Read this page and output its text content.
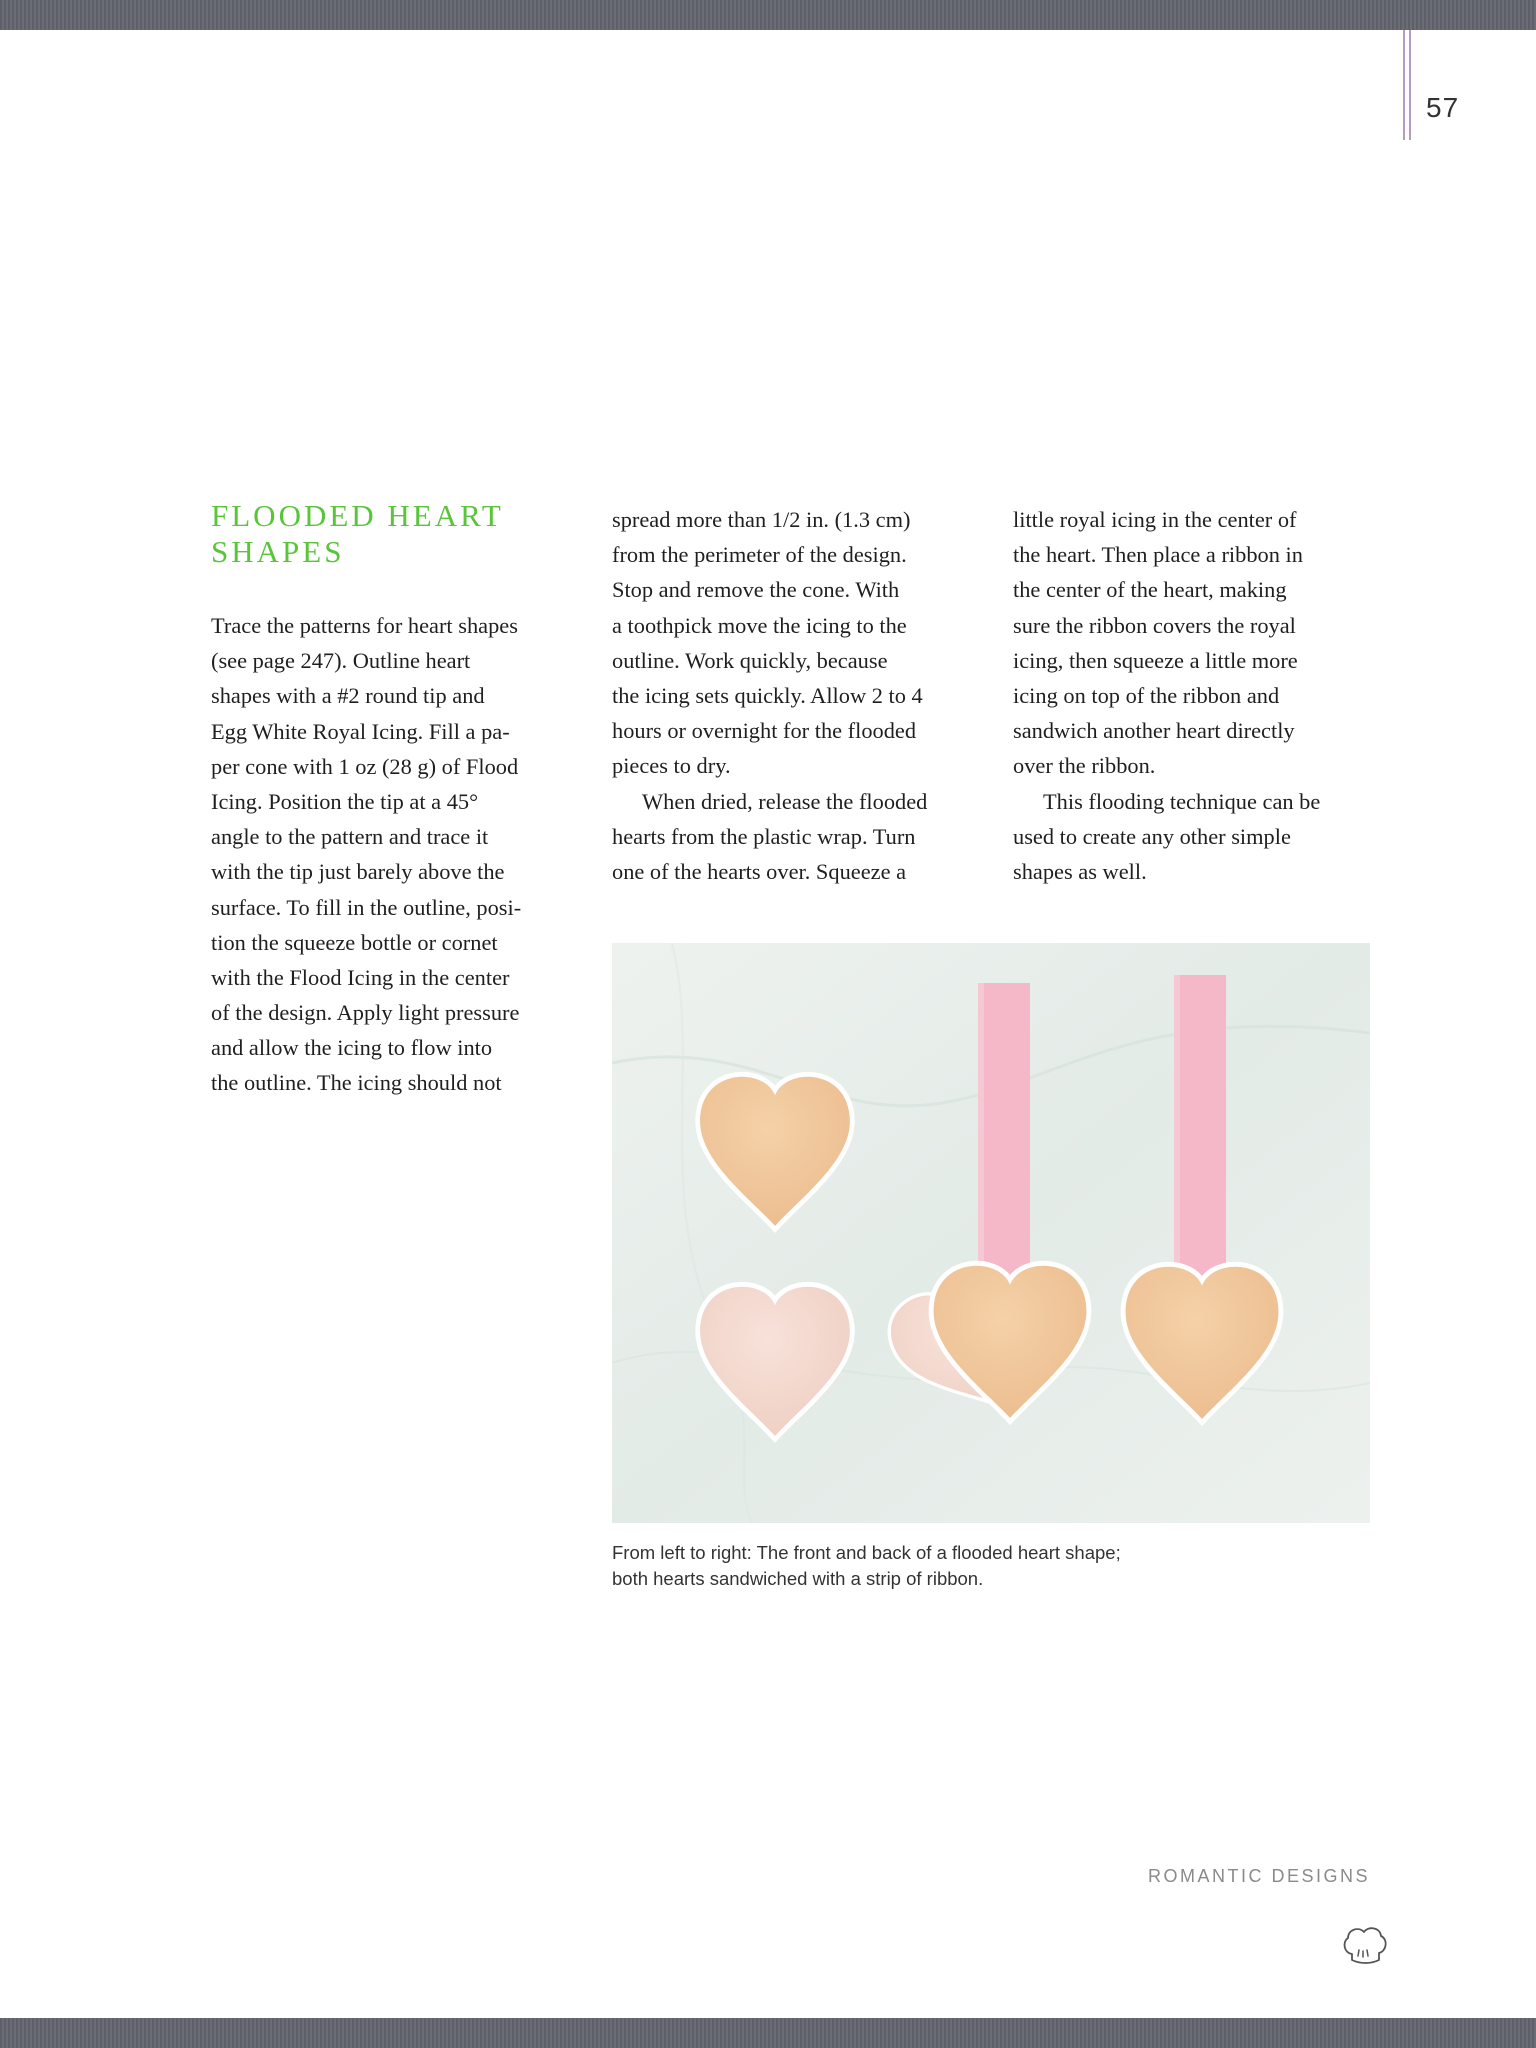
57
FLOODED HEART
SHAPES
Trace the patterns for heart shapes
(see page 247). Outline heart
shapes with a #2 round tip and
Egg White Royal Icing. Fill a pa-
per cone with 1 oz (28 g) of Flood
Icing. Position the tip at a 45°
angle to the pattern and trace it
with the tip just barely above the
surface. To fill in the outline, posi-
tion the squeeze bottle or cornet
with the Flood Icing in the center
of the design. Apply light pressure
and allow the icing to flow into
the outline. The icing should not
spread more than 1/2 in. (1.3 cm)
from the perimeter of the design.
Stop and remove the cone. With
a toothpick move the icing to the
outline. Work quickly, because
the icing sets quickly. Allow 2 to 4
hours or overnight for the flooded
pieces to dry.
When dried, release the flooded
hearts from the plastic wrap. Turn
one of the hearts over. Squeeze a
little royal icing in the center of
the heart. Then place a ribbon in
the center of the heart, making
sure the ribbon covers the royal
icing, then squeeze a little more
icing on top of the ribbon and
sandwich another heart directly
over the ribbon.
This flooding technique can be
used to create any other simple
shapes as well.
From left to right: The front and back of a flooded heart shape;
both hearts sandwiched with a strip of ribbon.
ROMANTIC DESIGNS
